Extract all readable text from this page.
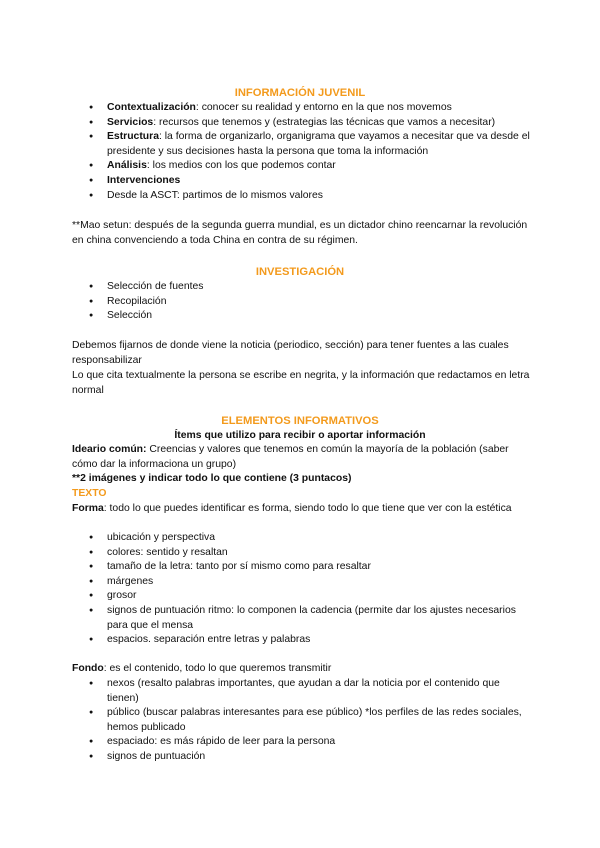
INFORMACIÓN JUVENIL
● Contextualización: conocer su realidad y entorno en la que nos movemos
● Servicios: recursos que tenemos y (estrategias las técnicas que vamos a necesitar)
● Estructura: la forma de organizarlo, organigrama que vayamos a necesitar que va desde el presidente y sus decisiones hasta la persona que toma la información
● Análisis: los medios con los que podemos contar
● Intervenciones
● Desde la ASCT: partimos de lo mismos valores
**Mao setun: después de la segunda guerra mundial, es un dictador chino reencarnar la revolución en china convenciendo a toda China en contra de su régimen.
INVESTIGACIÓN
● Selección de fuentes
● Recopilación
● Selección
Debemos fijarnos de donde viene la noticia (periodico, sección) para tener fuentes a las cuales responsabilizar
Lo que cita textualmente la persona se escribe en negrita, y la información que redactamos en letra normal
ELEMENTOS INFORMATIVOS
Ítems que utilizo para recibir o aportar información
Ideario común: Creencias y valores que tenemos en común la mayoría de la población (saber cómo dar la informaciona un grupo)
**2 imágenes y indicar todo lo que contiene (3 puntacos)
TEXTO
Forma: todo lo que puedes identificar es forma, siendo todo lo que tiene que ver con la estética
● ubicación y perspectiva
● colores: sentido y resaltan
● tamaño de la letra: tanto por sí mismo como para resaltar
● márgenes
● grosor
● signos de puntuación ritmo: lo componen la cadencia (permite dar los ajustes necesarios para que el mensa
● espacios. separación entre letras y palabras
Fondo: es el contenido, todo lo que queremos transmitir
● nexos (resalto palabras importantes, que ayudan a dar la noticia por el contenido que tienen)
● público (buscar palabras interesantes para ese público) *los perfiles de las redes sociales, hemos publicado
● espaciado: es más rápido de leer para la persona
● signos de puntuación
